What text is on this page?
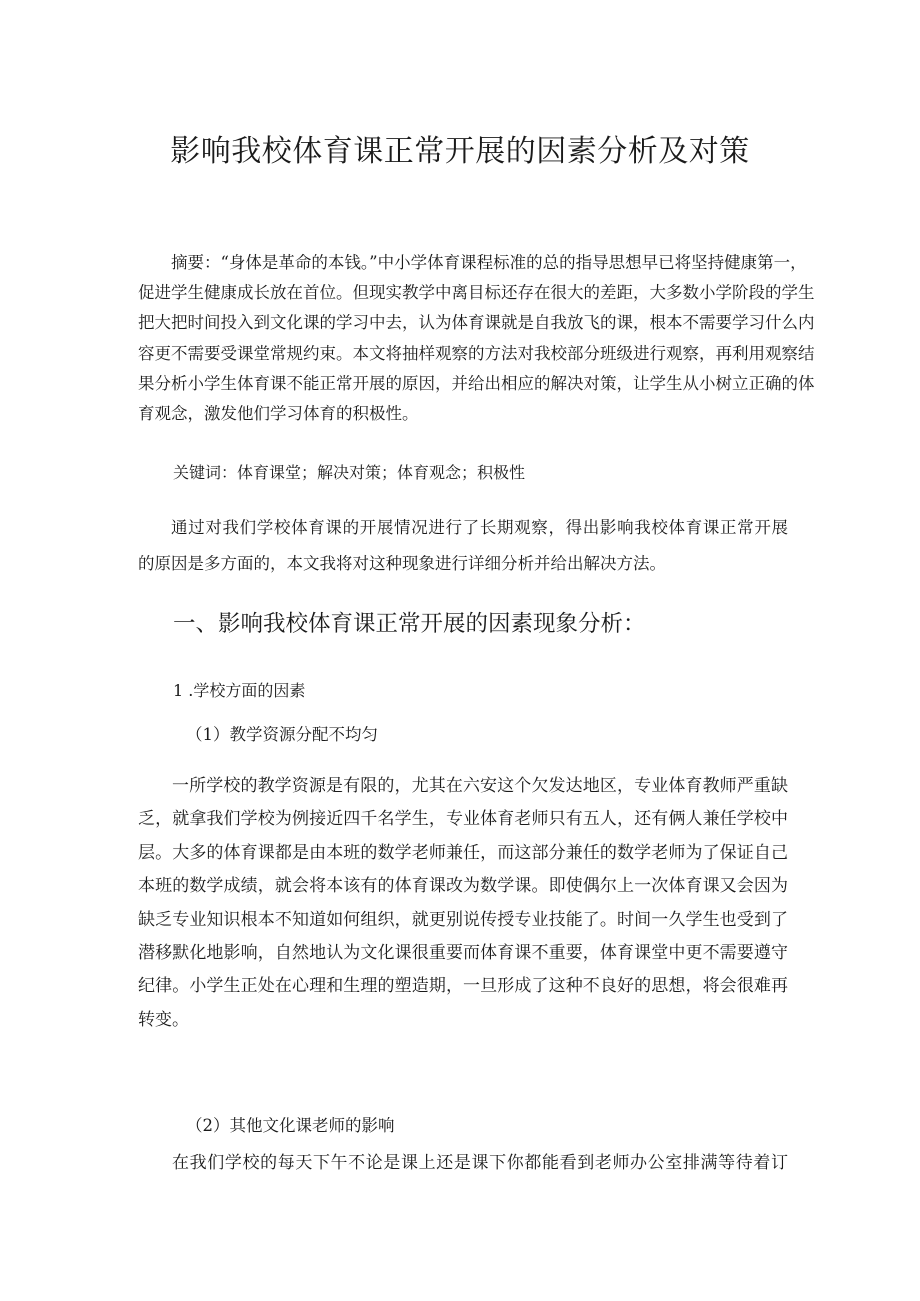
影响我校体育课正常开展的因素分析及对策
摘要：“身体是革命的本钱。”中小学体育课程标准的总的指导思想早已将坚持健康第一，
促进学生健康成长放在首位。但现实教学中离目标还存在很大的差距，大多数小学阶段的学生
把大把时间投入到文化课的学习中去，认为体育课就是自我放飞的课，根本不需要学习什么内
容更不需要受课堂常规约束。本文将抽样观察的方法对我校部分班级进行观察，再利用观察结
果分析小学生体育课不能正常开展的原因，并给出相应的解决对策，让学生从小树立正确的体
育观念，激发他们学习体育的积极性。

关键词：体育课堂；解决对策；体育观念；积极性

通过对我们学校体育课的开展情况进行了长期观察，得出影响我校体育课正常开展
的原因是多方面的，本文我将对这种现象进行详细分析并给出解决方法。
一、影响我校体育课正常开展的因素现象分析：

1 .学校方面的因素

（1）教学资源分配不均匀

一所学校的教学资源是有限的，尤其在六安这个欠发达地区，专业体育教师严重缺
乏，就拿我们学校为例接近四千名学生，专业体育老师只有五人，还有俩人兼任学校中
层。大多的体育课都是由本班的数学老师兼任，而这部分兼任的数学老师为了保证自己
本班的数学成绩，就会将本该有的体育课改为数学课。即使偶尔上一次体育课又会因为
缺乏专业知识根本不知道如何组织，就更别说传授专业技能了。时间一久学生也受到了
潜移默化地影响，自然地认为文化课很重要而体育课不重要，体育课堂中更不需要遵守
纪律。小学生正处在心理和生理的塑造期，一旦形成了这种不良好的思想，将会很难再
转变。

（2）其他文化课老师的影响

在我们学校的每天下午不论是课上还是课下你都能看到老师办公室排满等待着订
